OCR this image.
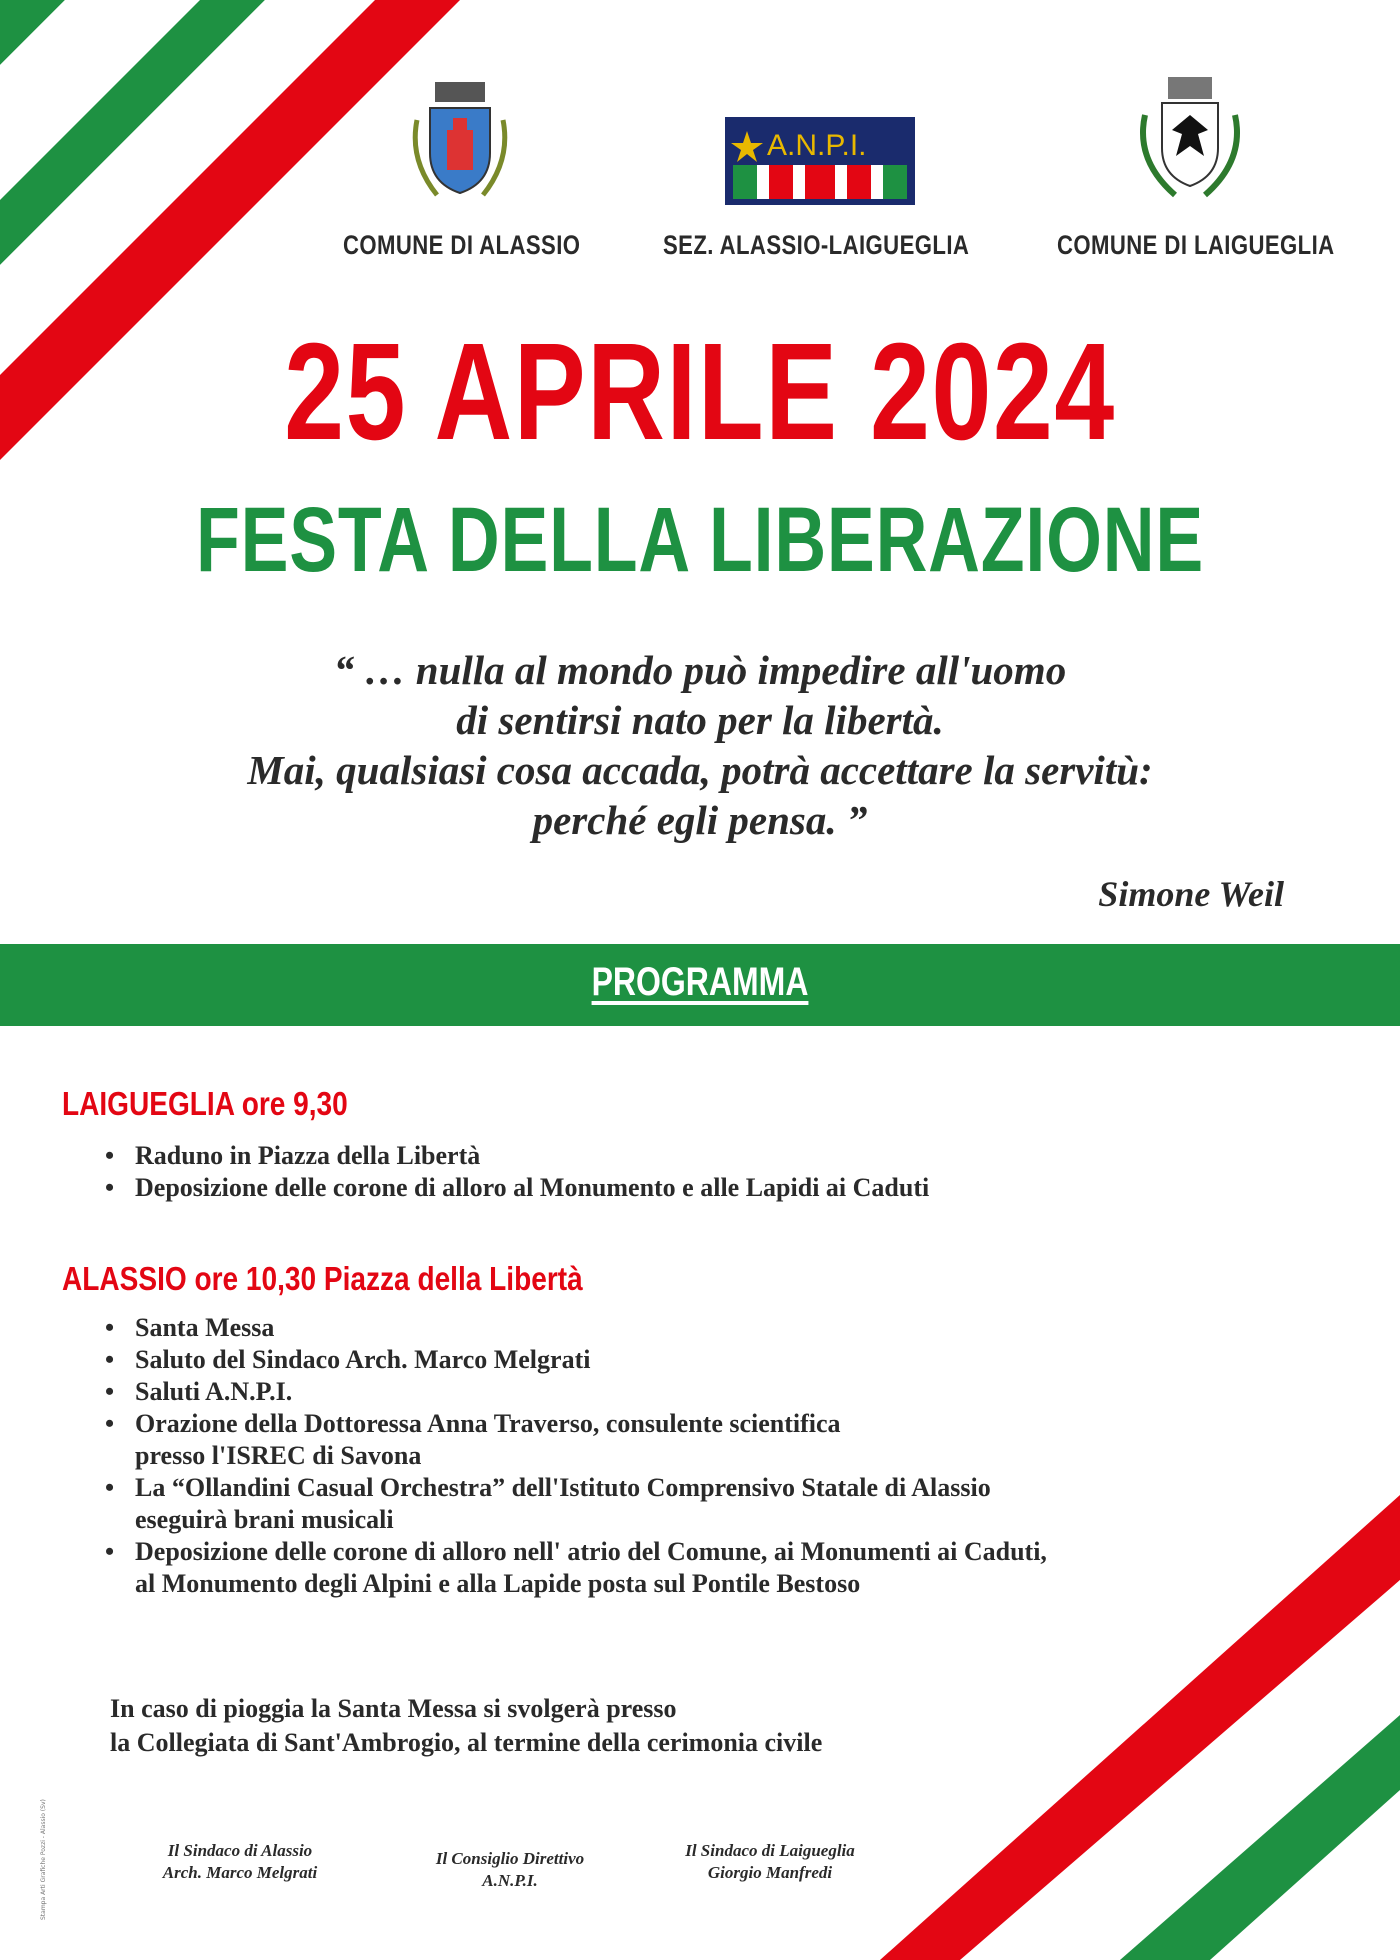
A.N.P.I.
COMUNE DI ALASSIO	SEZ. ALASSIO-LAIGUEGLIA	COMUNE DI LAIGUEGLIA
25 APRILE 2024
FESTA DELLA LIBERAZIONE
“ … nulla al mondo può impedire all'uomo
di sentirsi nato per la libertà.
Mai, qualsiasi cosa accada, potrà accettare la servitù:
perché egli pensa. ”
Simone Weil
PROGRAMMA
LAIGUEGLIA ore 9,30
• Raduno in Piazza della Libertà
• Deposizione delle corone di alloro al Monumento e alle Lapidi ai Caduti
ALASSIO ore 10,30 Piazza della Libertà
• Santa Messa
• Saluto del Sindaco Arch. Marco Melgrati
• Saluti A.N.P.I.
• Orazione della Dottoressa Anna Traverso, consulente scientifica
presso l'ISREC di Savona
• La “Ollandini Casual Orchestra” dell'Istituto Comprensivo Statale di Alassio
eseguirà brani musicali
• Deposizione delle corone di alloro nell' atrio del Comune, ai Monumenti ai Caduti,
al Monumento degli Alpini e alla Lapide posta sul Pontile Bestoso
In caso di pioggia la Santa Messa si svolgerà presso
la Collegiata di Sant'Ambrogio, al termine della cerimonia civile
Il Sindaco di Alassio
Arch. Marco Melgrati
Il Consiglio Direttivo
A.N.P.I.
Il Sindaco di Laigueglia
Giorgio Manfredi
Stampa Arti Grafiche Pozzi - Alassio (Sv)
